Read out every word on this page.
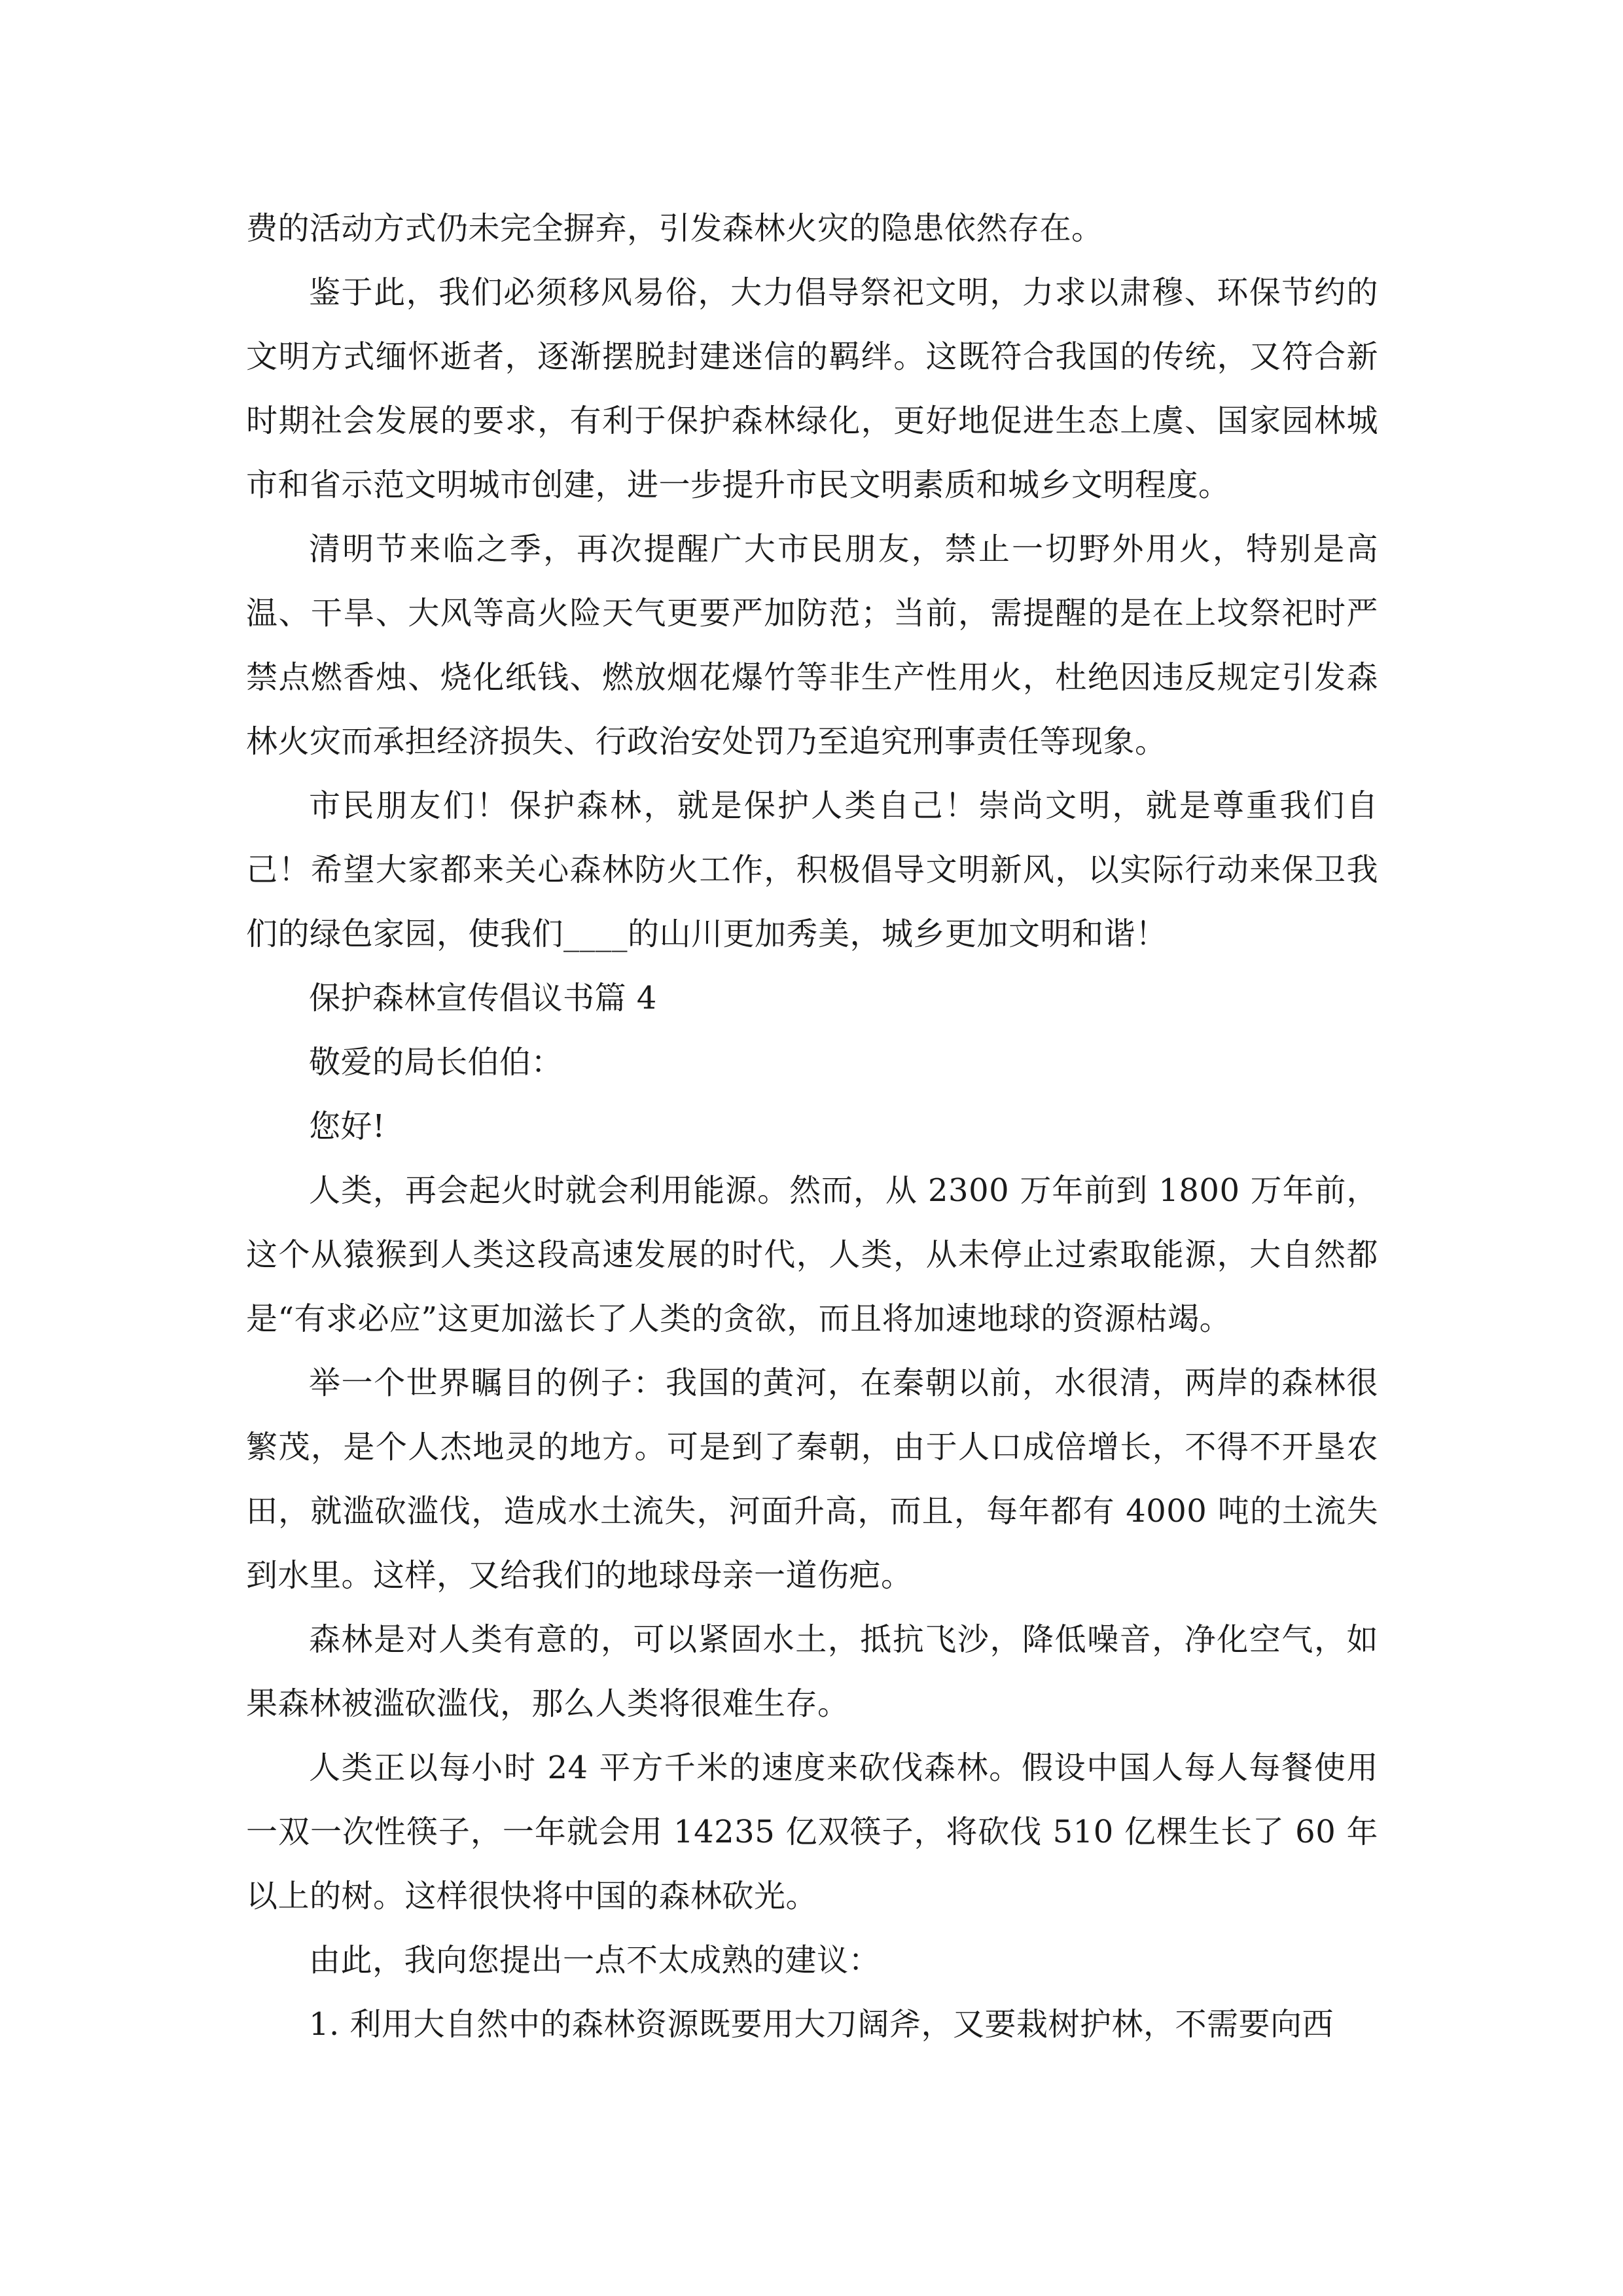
费的活动方式仍未完全摒弃，引发森林火灾的隐患依然存在。

鉴于此，我们必须移风易俗，大力倡导祭祀文明，力求以肃穆、环保节约的文明方式缅怀逝者，逐渐摆脱封建迷信的羁绊。这既符合我国的传统，又符合新时期社会发展的要求，有利于保护森林绿化，更好地促进生态上虞、国家园林城市和省示范文明城市创建，进一步提升市民文明素质和城乡文明程度。

清明节来临之季，再次提醒广大市民朋友，禁止一切野外用火，特别是高温、干旱、大风等高火险天气更要严加防范；当前，需提醒的是在上坟祭祀时严禁点燃香烛、烧化纸钱、燃放烟花爆竹等非生产性用火，杜绝因违反规定引发森林火灾而承担经济损失、行政治安处罚乃至追究刑事责任等现象。

市民朋友们！保护森林，就是保护人类自己！崇尚文明，就是尊重我们自己！希望大家都来关心森林防火工作，积极倡导文明新风，以实际行动来保卫我们的绿色家园，使我们____的山川更加秀美，城乡更加文明和谐！

保护森林宣传倡议书篇 4

敬爱的局长伯伯：

您好!

人类，再会起火时就会利用能源。然而，从 2300 万年前到 1800 万年前，这个从猿猴到人类这段高速发展的时代，人类，从未停止过索取能源，大自然都是“有求必应”这更加滋长了人类的贪欲，而且将加速地球的资源枯竭。

举一个世界瞩目的例子：我国的黄河，在秦朝以前，水很清，两岸的森林很繁茂，是个人杰地灵的地方。可是到了秦朝，由于人口成倍增长，不得不开垦农田，就滥砍滥伐，造成水土流失，河面升高，而且，每年都有 4000 吨的土流失到水里。这样，又给我们的地球母亲一道伤疤。

森林是对人类有意的，可以紧固水土，抵抗飞沙，降低噪音，净化空气，如果森林被滥砍滥伐，那么人类将很难生存。

人类正以每小时 24 平方千米的速度来砍伐森林。假设中国人每人每餐使用一双一次性筷子，一年就会用 14235 亿双筷子，将砍伐 510 亿棵生长了 60 年以上的树。这样很快将中国的森林砍光。

由此，我向您提出一点不太成熟的建议：

1. 利用大自然中的森林资源既要用大刀阔斧，又要栽树护林，不需要向西
